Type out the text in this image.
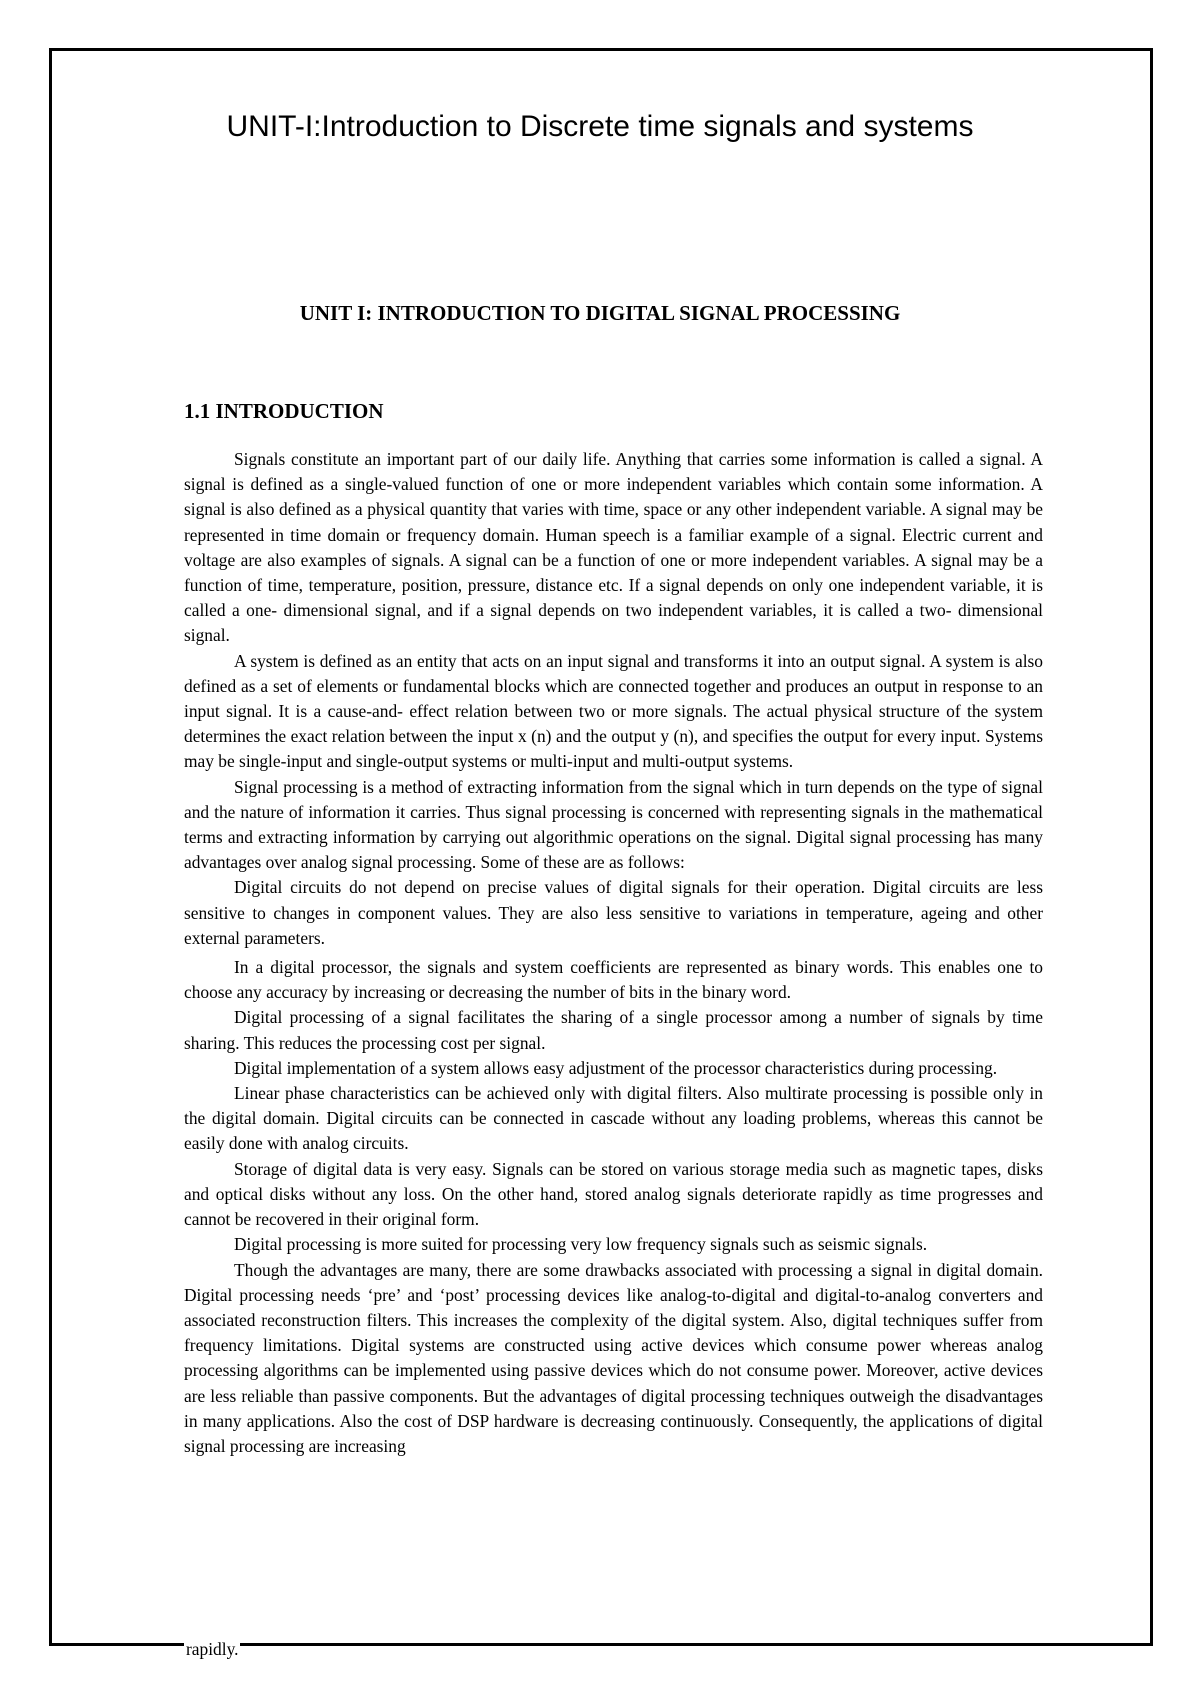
UNIT-I:Introduction to Discrete time signals and systems
UNIT I: INTRODUCTION TO DIGITAL SIGNAL PROCESSING
1.1 INTRODUCTION

Signals constitute an important part of our daily life. Anything that carries some information is called a signal. A signal is defined as a single-valued function of one or more independent variables which contain some information. A signal is also defined as a physical quantity that varies with time, space or any other independent variable. A signal may be represented in time domain or frequency domain. Human speech is a familiar example of a signal. Electric current and voltage are also examples of signals. A signal can be a function of one or more independent variables. A signal may be a function of time, temperature, position, pressure, distance etc. If a signal depends on only one independent variable, it is called a one- dimensional signal, and if a signal depends on two independent variables, it is called a two- dimensional signal.

A system is defined as an entity that acts on an input signal and transforms it into an output signal. A system is also defined as a set of elements or fundamental blocks which are connected together and produces an output in response to an input signal. It is a cause-and- effect relation between two or more signals. The actual physical structure of the system determines the exact relation between the input x (n) and the output y (n), and specifies the output for every input. Systems may be single-input and single-output systems or multi-input and multi-output systems.

Signal processing is a method of extracting information from the signal which in turn depends on the type of signal and the nature of information it carries. Thus signal processing is concerned with representing signals in the mathematical terms and extracting information by carrying out algorithmic operations on the signal. Digital signal processing has many advantages over analog signal processing. Some of these are as follows:

Digital circuits do not depend on precise values of digital signals for their operation. Digital circuits are less sensitive to changes in component values. They are also less sensitive to variations in temperature, ageing and other external parameters.

In a digital processor, the signals and system coefficients are represented as binary words. This enables one to choose any accuracy by increasing or decreasing the number of bits in the binary word.

Digital processing of a signal facilitates the sharing of a single processor among a number of signals by time sharing. This reduces the processing cost per signal.

Digital implementation of a system allows easy adjustment of the processor characteristics during processing.

Linear phase characteristics can be achieved only with digital filters. Also multirate processing is possible only in the digital domain. Digital circuits can be connected in cascade without any loading problems, whereas this cannot be easily done with analog circuits.

Storage of digital data is very easy. Signals can be stored on various storage media such as magnetic tapes, disks and optical disks without any loss. On the other hand, stored analog signals deteriorate rapidly as time progresses and cannot be recovered in their original form.

Digital processing is more suited for processing very low frequency signals such as seismic signals.

Though the advantages are many, there are some drawbacks associated with processing a signal in digital domain. Digital processing needs ‘pre’ and ‘post’ processing devices like analog-to-digital and digital-to-analog converters and associated reconstruction filters. This increases the complexity of the digital system. Also, digital techniques suffer from frequency limitations. Digital systems are constructed using active devices which consume power whereas analog processing algorithms can be implemented using passive devices which do not consume power. Moreover, active devices are less reliable than passive components. But the advantages of digital processing techniques outweigh the disadvantages in many applications. Also the cost of DSP hardware is decreasing continuously. Consequently, the applications of digital signal processing are increasing

rapidly.
